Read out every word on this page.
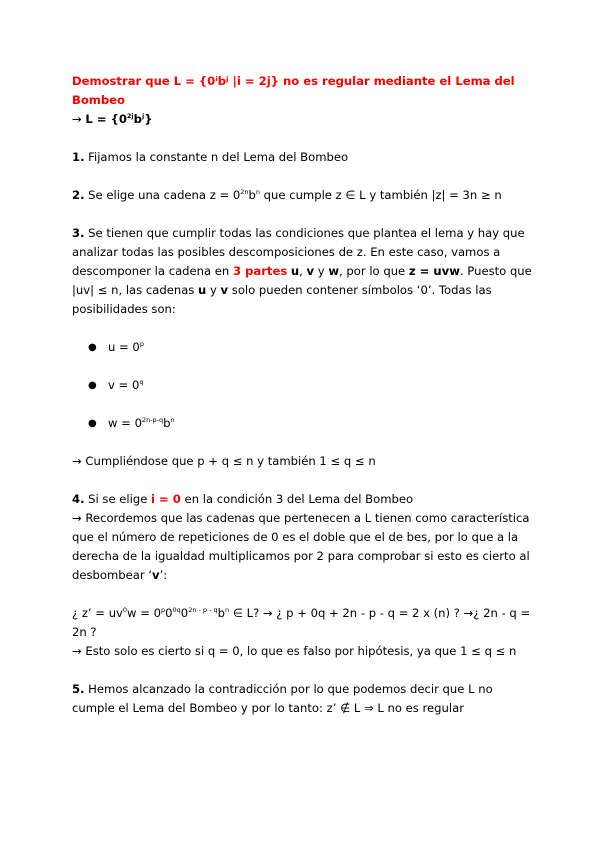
Demostrar que L = {0ⁱbʲ |i = 2j} no es regular mediante el Lema del Bombeo

→ $L = \{0^{2j}b^j\}$

1. Fijamos la constante n del Lema del Bombeo

2. Se elige una cadena $z = 0^{2n}b^n$ que cumple z ∈ L y también |z| = 3n ≥ n

3. Se tienen que cumplir todas las condiciones que plantea el lema y hay que analizar todas las posibles descomposiciones de z. En este caso, vamos a descomponer la cadena en 3 partes u, v y w, por lo que z = uvw. Puesto que |uv| ≤ n, las cadenas u y v solo pueden contener símbolos ‘0’. Todas las posibilidades son:

● $u = 0^p$
● $v = 0^q$
● $w = 0^{2n-p-q}b^n$

→ Cumpliéndose que p + q ≤ n y también 1 ≤ q ≤ n

4. Si se elige i = 0 en la condición 3 del Lema del Bombeo

→ Recordemos que las cadenas que pertenecen a L tienen como característica que el número de repeticiones de 0 es el doble que el de bes, por lo que a la derecha de la igualdad multiplicamos por 2 para comprobar si esto es cierto al desbombear ‘v’:

¿ z’ = $uv^0w = 0^p0^{0q}0^{2n - p - q}b^n$ ∈ L? → ¿ p + 0q + 2n - p - q = 2 x (n) ? →¿ 2n - q = 2n ?

→ Esto solo es cierto si q = 0, lo que es falso por hipótesis, ya que 1 ≤ q ≤ n

5. Hemos alcanzado la contradicción por lo que podemos decir que L no cumple el Lema del Bombeo y por lo tanto: z’ ∉ L ⇒ L no es regular
